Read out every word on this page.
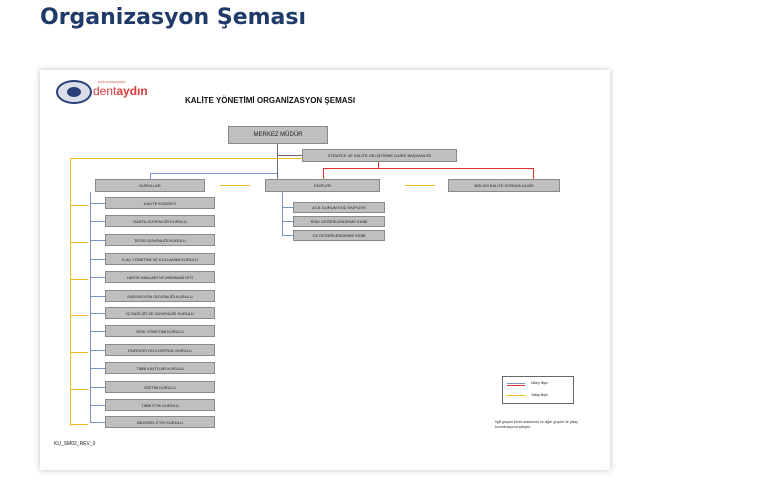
Organizasyon Şeması
SAĞLIK BAKANLIĞI
dentaydın
KALİTE YÖNETİMİ ORGANİZASYON ŞEMASI
MERKEZ MÜDÜR
STRATEJİ VE KALİTE GELİŞTİRME DAİRE BAŞKANLIĞI
KURULLAR	EKİPLER	BÖLÜM KALİTE SORUMLULARI
KALİTE KONSEYİ
HASTA GÜVENLİĞİ KURULU
TESİS GÜVENLİĞİ KURULU
İLAÇ YÖNETİMİ VE KULLANIMI KURULU
HASTA HAKLARI VE MEMNUNİYETİ
RADYASYON GÜVENLİĞİ KURULU
İŞ SAĞLIĞI VE GÜVENLİĞİ KURULU
RİSK YÖNETİMİ KURULU
ENFEKSİYON KONTROL KURULU
TIBBİ KAYITLAR KURULU
EĞİTİM KURULU
TIBBİ ETİK KURULU
BİLİMSEL ETİK KURULU
ACİL DURUM KOD EKİPLERİ
RİSK DEĞERLENDİRME EKİBİ
ÖZ DEĞERLENDİRME EKİBİ
Dikey İlişki
Yatay İlişki
İlgili gruplar kendi aralarında ve diğer gruplar ile yatay koordinasyona sahiptir.
KU_SM02_REV_0
